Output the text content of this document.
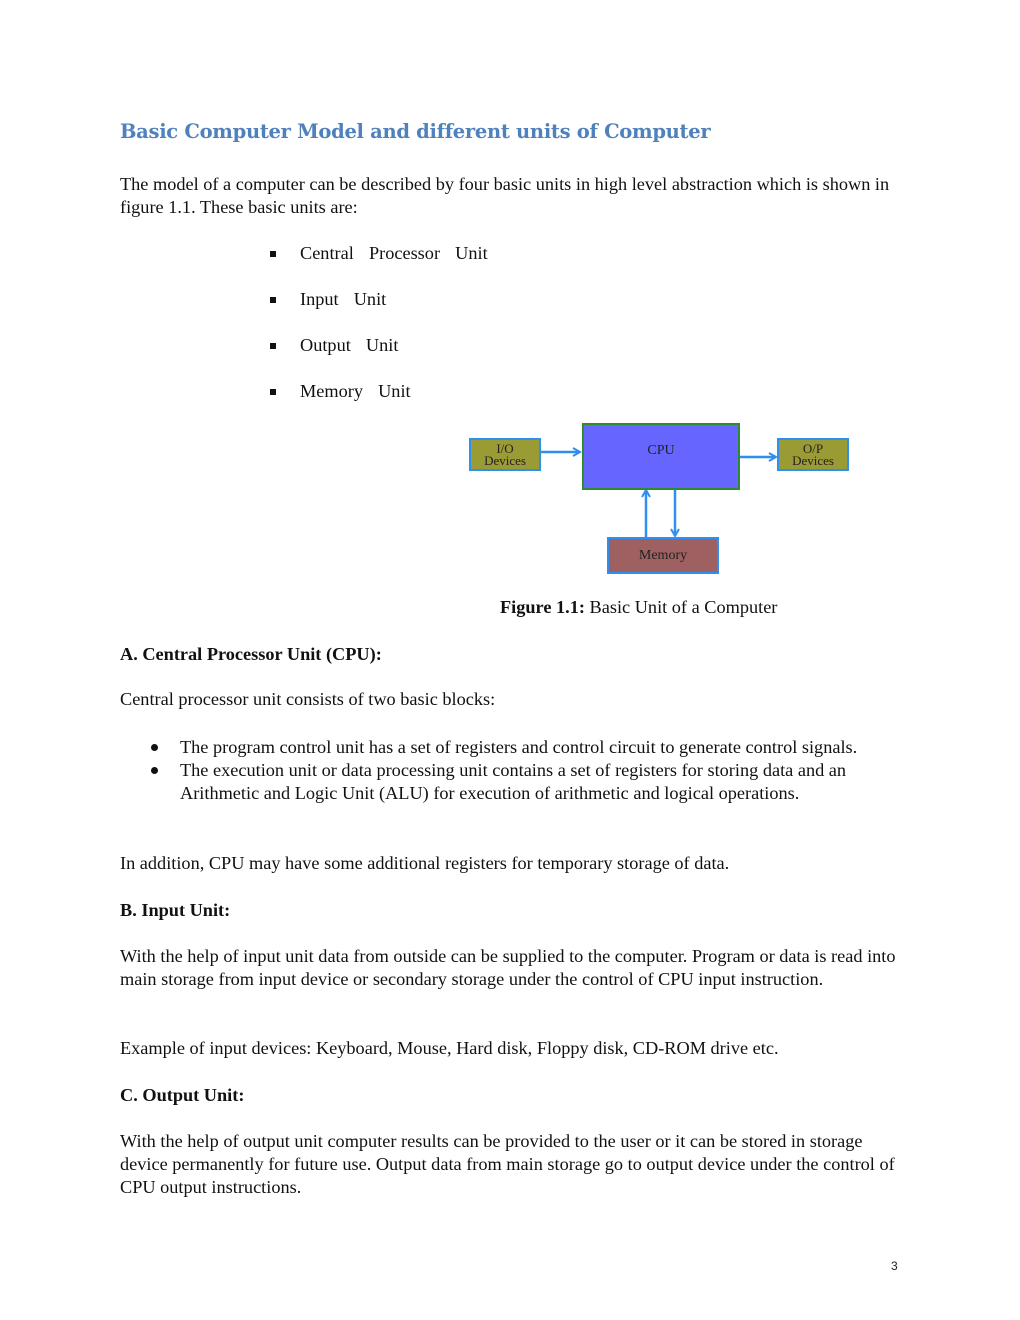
Basic Computer Model and different units of Computer

The model of a computer can be described by four basic units in high level abstraction which is shown in figure 1.1. These basic units are:

Central  Processor  Unit
Input  Unit
Output  Unit
Memory  Unit
I/O
Devices
CPU	O/P
Devices
Memory

Figure 1.1: Basic Unit of a Computer

A. Central Processor Unit (CPU):

Central processor unit consists of two basic blocks:

The program control unit has a set of registers and control circuit to generate control signals.
The execution unit or data processing unit contains a set of registers for storing data and an Arithmetic and Logic Unit (ALU) for execution of arithmetic and logical operations.

In addition, CPU may have some additional registers for temporary storage of data.

B. Input Unit:

With the help of input unit data from outside can be supplied to the computer. Program or data is read into main storage from input device or secondary storage under the control of CPU input instruction.

Example of input devices: Keyboard, Mouse, Hard disk, Floppy disk, CD-ROM drive etc.

C. Output Unit:

With the help of output unit computer results can be provided to the user or it can be stored in storage device permanently for future use. Output data from main storage go to output device under the control of CPU output instructions.

3
